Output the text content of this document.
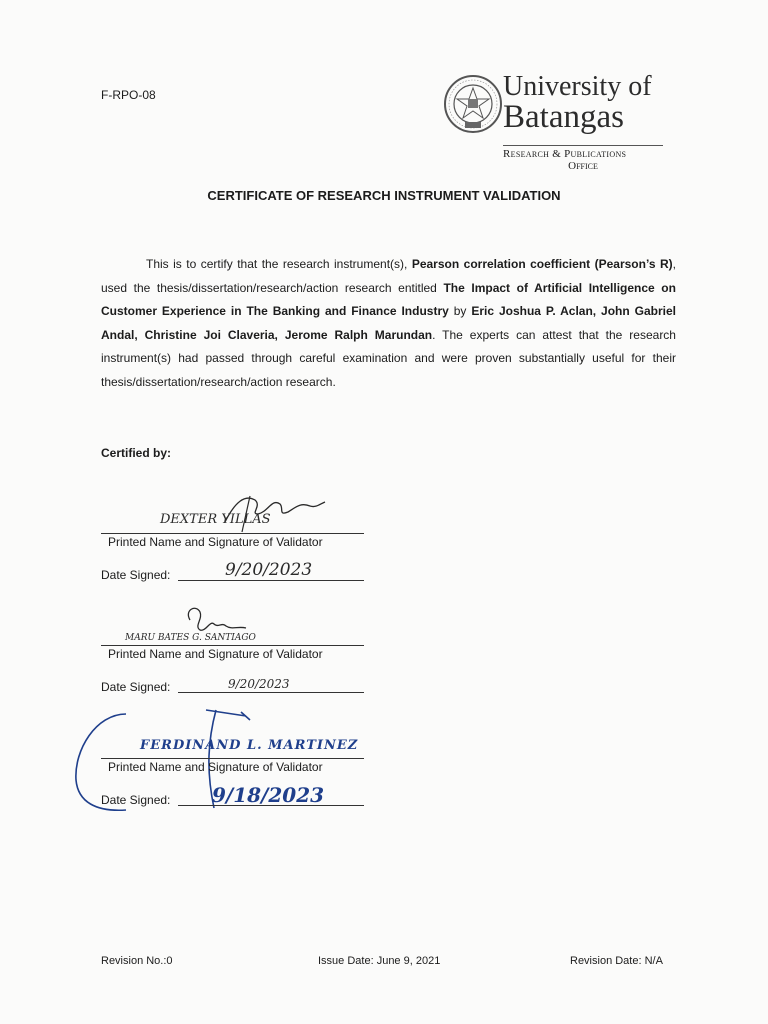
F-RPO-08	University of
Batangas
Research & Publications
Office
CERTIFICATE OF RESEARCH INSTRUMENT VALIDATION
This is to certify that the research instrument(s), Pearson correlation coefficient (Pearson’s R), used the thesis/dissertation/research/action research entitled The Impact of Artificial Intelligence on Customer Experience in The Banking and Finance Industry by Eric Joshua P. Aclan, John Gabriel Andal, Christine Joi Claveria, Jerome Ralph Marundan. The experts can attest that the research instrument(s) had passed through careful examination and were proven substantially useful for their thesis/dissertation/research/action research.
Certified by:
DEXTER YILLAS
Printed Name and Signature of Validator
Date Signed:	9/20/2023
MARU BATES G. SANTIAGO
Printed Name and Signature of Validator
Date Signed:	9/20/2023
FERDINAND L. MARTINEZ
Printed Name and Signature of Validator
Date Signed: 9/18/2023
Revision No.:0	Issue Date: June 9, 2021	Revision Date: N/A
